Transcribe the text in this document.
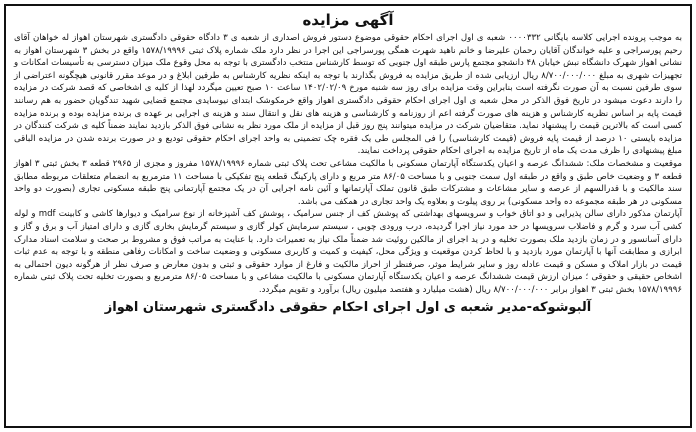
آگهی مزایده

به موجب پرونده اجرایی کلاسه بایگانی ۰۰۰۰۳۳۲ شعبه ی اول اجرای احکام حقوقی موضوع دستور فروش اصداری از شعبه ی ۳ دادگاه حقوقی دادگستری شهرستان اهواز له خواهان آقای رحیم پورسراجی و علیه خواندگان آقایان رحمان علیرضا و خانم ناهید شهرت همگی پورسراجی این اجرا در نظر دارد ملک شماره پلاک ثبتی ۱۵۷۸/۱۹۹۹۶ واقع در بخش ۳ شهرستان اهواز به نشانی اهواز شهرک دانشگاه نبش خیابان ۴۸ دانشجو مجتمع پارس طبقه اول جنوبی که توسط کارشناس منتخب دادگستری با توجه به محل وقوع ملک میزان دسترسی به تأسیسات امکانات و تجهیزات شهری به مبلغ ۸/۷۰۰/۰۰۰/۰۰۰ ریال ارزیابی شده از طریق مزایده به فروش بگذارند با توجه به اینکه نظریه کارشناس به طرفین ابلاغ و در موعد مقرر قانونی هیچگونه اعتراضی از سوی طرفین نسبت به آن صورت نگرفته است بنابراین وقت مزایده برای روز سه شنبه مورخ ۱۴۰۲/۰۲/۰۹ ساعت ۱۰ صبح تعیین میگردد لهذا از کلیه ی اشخاصی که قصد شرکت در مزایده را دارند دعوت میشود در تاریخ فوق الذکر در محل شعبه ی اول اجرای احکام حقوقی دادگستری اهواز واقع خرمکوشک ابتدای نیوسایدی مجتمع قضایی شهید تندگویان حضور به هم رسانند قیمت پایه بر اساس نظریه کارشناس و هزینه های صورت گرفته اعم از روزنامه و کارشناسی و هزینه های نقل و انتقال سند و هزینه ی اجرایی بر عهده ی برنده مزایده بوده و برنده مزایده کسی است که بالاترین قیمت را پیشنهاد نماید. متقاضیان شرکت در مزایده میتوانند پنج روز قبل از مزایده از ملک مورد نظر به نشانی فوق الذکر بازدید نمایند ضمناً کلیه ی شرکت کنندگان در مزایده بایستی ۱۰ درصد از قیمت پایه فروش (قیمت کارشناسی) را فی المجلس طی یک فقره چک تضمینی به واحد اجرای احکام حقوقی تودیع و در صورت برنده شدن در مزایده الباقی مبلغ پیشنهادی را ظرف مدت یک ماه از تاریخ مزایده به اجرای احکام حقوقی پرداخت نمایند.

موقعیت و مشخصات ملک: ششدانگ عرصه و اعیان یکدستگاه آپارتمان مسکونی با مالکیت مشاعی تحت پلاک ثبتی شماره ۱۵۷۸/۱۹۹۹۶ مفروز و مجزی از ۲۹۶۵ قطعه ۳ بخش ثبتی ۳ اهواز قطعه ۳ و وضعیت خاص طبق و واقع در طبقه اول سمت جنوبی و با مساحت ۸۶/۰۵ متر مربع و دارای پارکینگ قطعه پنج تفکیکی با مساحت ۱۱ مترمربع به انضمام متعلقات مربوطه مطابق سند مالکیت و با قدرالسهم از عرصه و سایر مشاعات و مشترکات طبق قانون تملک آپارتمانها و آئین نامه اجرایی آن در یک مجتمع آپارتمانی پنج طبقه مسکونی تجاری (بصورت دو واحد مسکونی در هر طبقه مجموعه ده واحد مسکونی) بر روی پیلوت و بعلاوه یک واحد تجاری در همکف می باشد.

آپارتمان مذکور دارای سالن پذیرایی و دو اتاق خواب و سرویسهای بهداشتی که پوشش کف از جنس سرامیک ، پوشش کف آشپزخانه از نوع سرامیک و دیوارها کاشی و کابینت mdf و لوله کشی آب سرد و گرم و فاضلاب سرویسها در حد مورد نیاز اجرا گردیده، درب ورودی چوبی ، سیستم سرمایش کولر گازی و سیستم گرمایش بخاری گازی و دارای امتیاز آب و برق و گاز و دارای آسانسور و در زمان بازدید ملک بصورت تخلیه و در ید اجرای از مالکین روئیت شد ضمناً ملک نیاز به تعمیرات دارد. با عنایت به مراتب فوق و مشروط بر صحت و سلامت اسناد مدارک ابرازی و مطابقت آنها با آپارتمان مورد بازدید و با لحاظ کردن موقعیت و ویژگی محل، کیفیت و کمیت و کاربری مسکونی و وضعیت ساخت و امکانات رفاهی منطقه و با توجه به عدم ثبات قیمت در بازار املاک و مسکن و قیمت عادله روز و سایر شرایط موثر، صرفنظر از احراز مالکیت و فارغ از موارد حقوقی و ثبتی و بدون معارض و صرف نظر از هرگونه دیون احتمالی به اشخاص حقیقی و حقوقی ؛ میزان ارزش قیمت ششدانگ عرصه و اعیان یکدستگاه آپارتمان مسکونی با مالکیت مشاعی و با مساحت ۸۶/۰۵ مترمربع و بصورت تخلیه تحت پلاک ثبتی شماره ۱۵۷۸/۱۹۹۹۶ بخش ثبتی ۳ اهواز برابر ۸/۷۰۰/۰۰۰/۰۰۰ ریال (هشت میلیارد و هفتصد میلیون ریال) برآورد و تقویم میگردد.

آلبوشوکه-مدیر شعبه ی اول اجرای احکام حقوقی دادگستری شهرستان اهواز
